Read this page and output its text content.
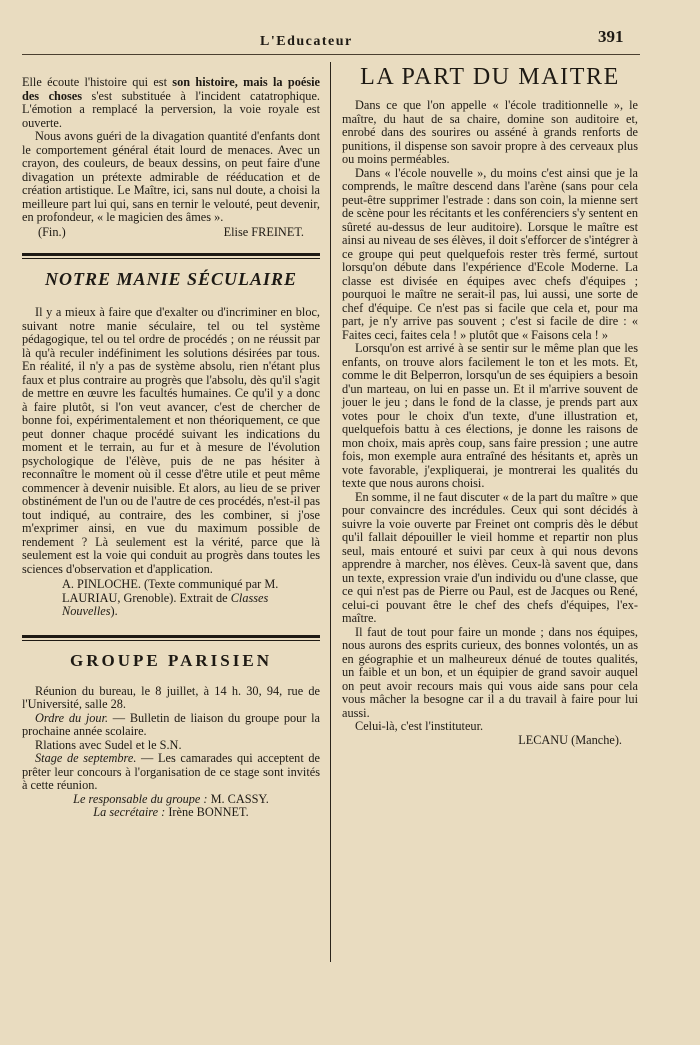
L'Educateur	391

Elle écoute l'histoire qui est son histoire, mais la poésie des choses s'est substituée à l'incident catatrophique. L'émotion a remplacé la perversion, la voie royale est ouverte.

Nous avons guéri de la divagation quantité d'enfants dont le comportement général était lourd de menaces. Avec un crayon, des couleurs, de beaux dessins, on peut faire d'une divagation un prétexte admirable de rééducation et de création artistique. Le Maître, ici, sans nul doute, a choisi la meilleure part lui qui, sans en ternir le velouté, peut devenir, en profondeur, « le magicien des âmes ».

(Fin.)	Elise FREINET.
NOTRE MANIE SÉCULAIRE

Il y a mieux à faire que d'exalter ou d'incriminer en bloc, suivant notre manie séculaire, tel ou tel système pédagogique, tel ou tel ordre de procédés ; on ne réussit par là qu'à reculer indéfiniment les solutions désirées par tous. En réalité, il n'y a pas de système absolu, rien n'étant plus faux et plus contraire au progrès que l'absolu, dès qu'il s'agit de mettre en œuvre les facultés humaines. Ce qu'il y a donc à faire plutôt, si l'on veut avancer, c'est de chercher de bonne foi, expérimentalement et non théoriquement, ce que peut donner chaque procédé suivant les indications du moment et le terrain, au fur et à mesure de l'évolution psychologique de l'élève, puis de ne pas hésiter à reconnaître le moment où il cesse d'être utile et peut même commencer à devenir nuisible. Et alors, au lieu de se priver obstinément de l'un ou de l'autre de ces procédés, n'est-il pas tout indiqué, au contraire, des les combiner, si j'ose m'exprimer ainsi, en vue du maximum possible de rendement ? Là seulement est la vérité, parce que là seulement est la voie qui conduit au progrès dans toutes les sciences d'observation et d'application.

A. PINLOCHE. (Texte communiqué par M. LAURIAU, Grenoble). Extrait de Classes Nouvelles).
GROUPE PARISIEN

Réunion du bureau, le 8 juillet, à 14 h. 30, 94, rue de l'Université, salle 28.

Ordre du jour. — Bulletin de liaison du groupe pour la prochaine année scolaire.

Rlations avec Sudel et le S.N.

Stage de septembre. — Les camarades qui acceptent de prêter leur concours à l'organisation de ce stage sont invités à cette réunion.

Le responsable du groupe : M. CASSY.
La secrétaire : Irène BONNET.
LA PART DU MAITRE

Dans ce que l'on appelle « l'école traditionnelle », le maître, du haut de sa chaire, domine son auditoire et, enrobé dans des sourires ou asséné à grands renforts de punitions, il dispense son savoir propre à des cerveaux plus ou moins perméables.

Dans « l'école nouvelle », du moins c'est ainsi que je la comprends, le maître descend dans l'arène (sans pour cela peut-être supprimer l'estrade : dans son coin, la mienne sert de scène pour les récitants et les conférenciers s'y sentent en sûreté au-dessus de leur auditoire). Lorsque le maître est ainsi au niveau de ses élèves, il doit s'efforcer de s'intégrer à ce groupe qui peut quelquefois rester très fermé, surtout lorsqu'on débute dans l'expérience d'Ecole Moderne. La classe est divisée en équipes avec chefs d'équipes ; pourquoi le maître ne serait-il pas, lui aussi, une sorte de chef d'équipe. Ce n'est pas si facile que cela et, pour ma part, je n'y arrive pas souvent ; c'est si facile de dire : « Faites ceci, faites cela ! » plutôt que « Faisons cela ! »

Lorsqu'on est arrivé à se sentir sur le même plan que les enfants, on trouve alors facilement le ton et les mots. Et, comme le dit Belperron, lorsqu'un de ses équipiers a besoin d'un marteau, on lui en passe un. Et il m'arrive souvent de jouer le jeu ; dans le fond de la classe, je prends part aux votes pour le choix d'un texte, d'une illustration et, quelquefois battu à ces élections, je donne les raisons de mon choix, mais après coup, sans faire pression ; une autre fois, mon exemple aura entraîné des hésitants et, après un vote favorable, j'expliquerai, je montrerai les qualités du texte que nous aurons choisi.

En somme, il ne faut discuter « de la part du maître » que pour convaincre des incrédules. Ceux qui sont décidés à suivre la voie ouverte par Freinet ont compris dès le début qu'il fallait dépouiller le vieil homme et repartir non plus seul, mais entouré et suivi par ceux à qui nous devons apprendre à marcher, nos élèves. Ceux-là savent que, dans un texte, expression vraie d'un individu ou d'une classe, que ce qui n'est pas de Pierre ou Paul, est de Jacques ou René, celui-ci pouvant être le chef des chefs d'équipes, l'ex-maître.

Il faut de tout pour faire un monde ; dans nos équipes, nous aurons des esprits curieux, des bonnes volontés, un as en géographie et un malheureux dénué de toutes qualités, un faible et un bon, et un équipier de grand savoir auquel on peut avoir recours mais qui vous aide sans pour cela vous mâcher la besogne car il a du travail à faire pour lui aussi.

Celui-là, c'est l'instituteur.

LECANU (Manche).
